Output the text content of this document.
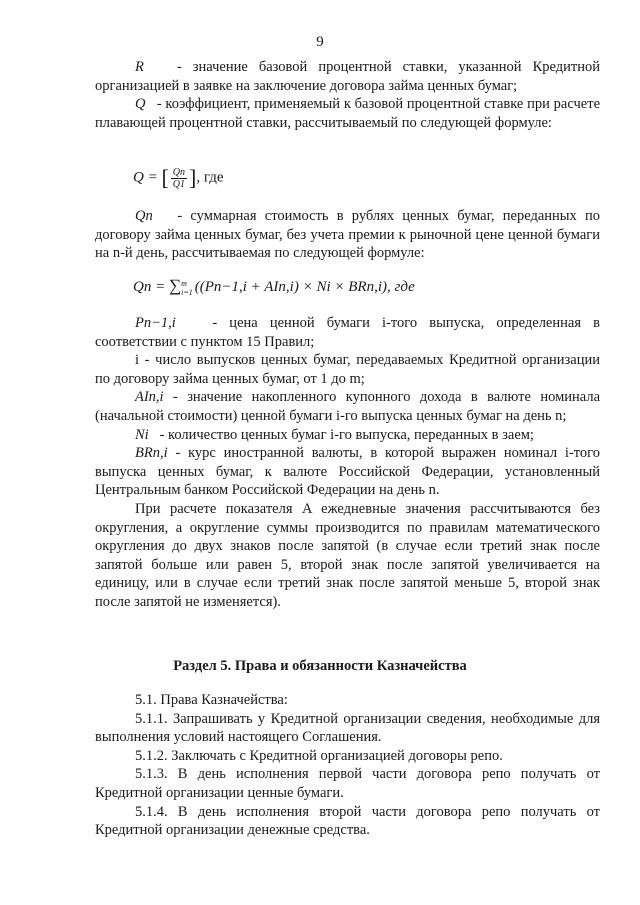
9

R - значение базовой процентной ставки, указанной Кредитной организацией в заявке на заключение договора займа ценных бумаг;

Q - коэффициент, применяемый к базовой процентной ставке при расчете плавающей процентной ставки, рассчитываемый по следующей формуле:

Q = [ $\frac{Qn}{Q1}$ ], где

Qn - суммарная стоимость в рублях ценных бумаг, переданных по договору займа ценных бумаг, без учета премии к рыночной цене ценной бумаги на n-й день, рассчитываемая по следующей формуле:

Qn = ∑ m
i=1 ((Pn−1,i + AIn,i) × Ni × BRn,i), где

Pn−1,i	- цена ценной бумаги i-того выпуска, определенная в соответствии с пунктом 15 Правил;

i - число выпусков ценных бумаг, передаваемых Кредитной организации по договору займа ценных бумаг, от 1 до m;

AIn,i - значение накопленного купонного дохода в валюте номинала (начальной стоимости) ценной бумаги i-го выпуска ценных бумаг на день n;

Ni - количество ценных бумаг i-го выпуска, переданных в заем;

BRn,i - курс иностранной валюты, в которой выражен номинал i-того выпуска ценных бумаг, к валюте Российской Федерации, установленный Центральным банком Российской Федерации на день n.

При расчете показателя A ежедневные значения рассчитываются без округления, а округление суммы производится по правилам математического округления до двух знаков после запятой (в случае если третий знак после запятой больше или равен 5, второй знак после запятой увеличивается на единицу, или в случае если третий знак после запятой меньше 5, второй знак после запятой не изменяется).

Раздел 5. Права и обязанности Казначейства

5.1. Права Казначейства:

5.1.1. Запрашивать у Кредитной организации сведения, необходимые для выполнения условий настоящего Соглашения.

5.1.2. Заключать с Кредитной организацией договоры репо.

5.1.3. В день исполнения первой части договора репо получать от Кредитной организации ценные бумаги.

5.1.4. В день исполнения второй части договора репо получать от Кредитной организации денежные средства.
